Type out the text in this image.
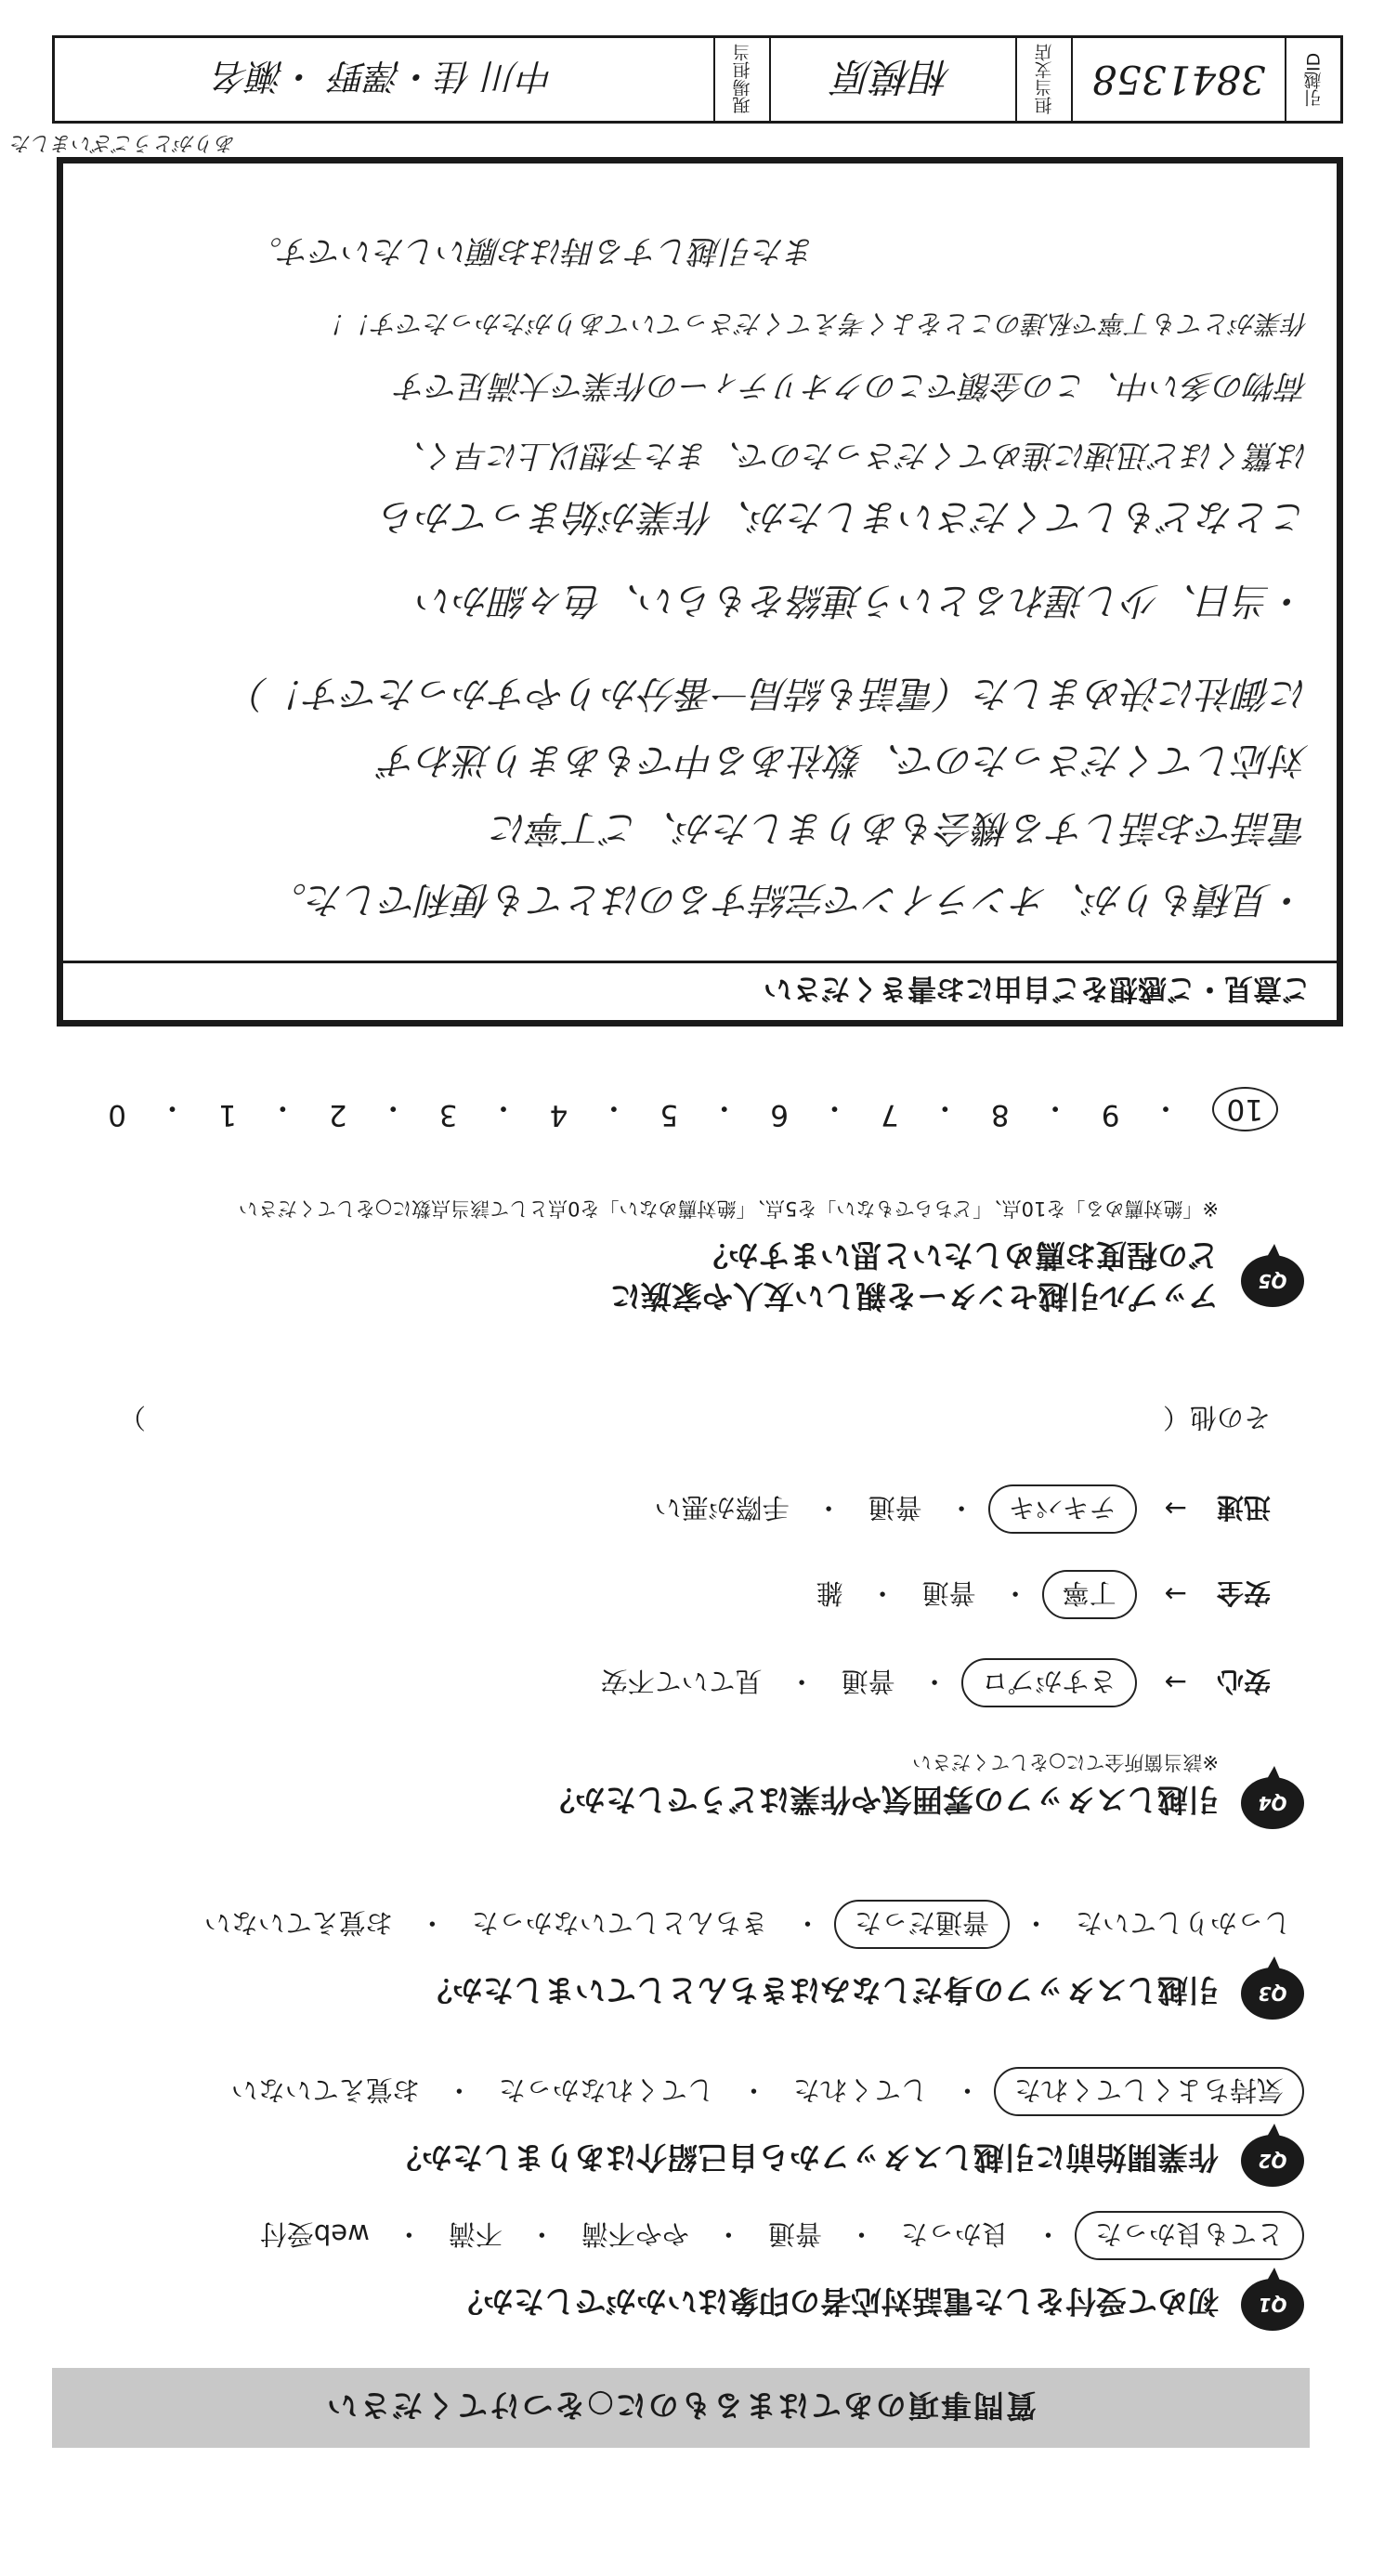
質問事項のあてはまるものに○をつけてください
Q1
初めて受付をした電話対応者の印象はいかがでしたか？
とても良かった
・
良かった
・
普通
・
やや不満
・
不満
・
web受付
Q2
作業開始前に引越しスタッフから自己紹介はありましたか？
気持ちよくしてくれた
・
してくれた
・
してくれなかった
・
お覚えていない
Q3
引越しスタッフの身だしなみはきちんとしていましたか？
しっかりしていた
・
普通だった
・
きちんとしていなかった
・
お覚えていない
Q4
引越しスタッフの雰囲気や作業はどうでしたか？
※該当箇所全てに○をしてください
安心
→
さすがプロ
・
普通
・
見ていて不安
安全
→
丁寧
・
普通
・
雑
迅速
→
テキパキ
・
普通
・
手際が悪い
その他（
）
Q5
アップル引越センターを親しい友人や家族に
どの程度お薦めしたいと思いますか？
※「絶対薦める」を10点、「どちらでもない」を5点、「絶対薦めない」を0点として該当点数に○をしてください
10
・
9
・
8
・
7
・
6
・
5
・
4
・
3
・
2
・
1
・
0
ご意見・ご感想をご自由にお書きください
・見積もりが、オンラインで完結するのはとても便利でした。
電話でお話しする機会もありましたが、ご丁寧に
対応してくださったので、数社ある中でもあまり迷わず
に御社に決めました（電話も結局一番分かりやすかったです！）
・当日、少し遅れるという連絡をもらい、色々細かい
ことなどもしてくださいましたが、作業が始まってから
は驚くほど迅速に進めてくださったので、また予想以上に早く、
荷物の多い中、この金額でこのクオリティーの作業で大満足です
作業がとても丁寧で私達のことをよく考えてくださっていてありがたかったです！！
また引越しする時はお願いしたいです。
ありがとうございました
引越ID
3841358
担当支店
相模原
現場担当
中川 佳・澤野 ・瀬名
